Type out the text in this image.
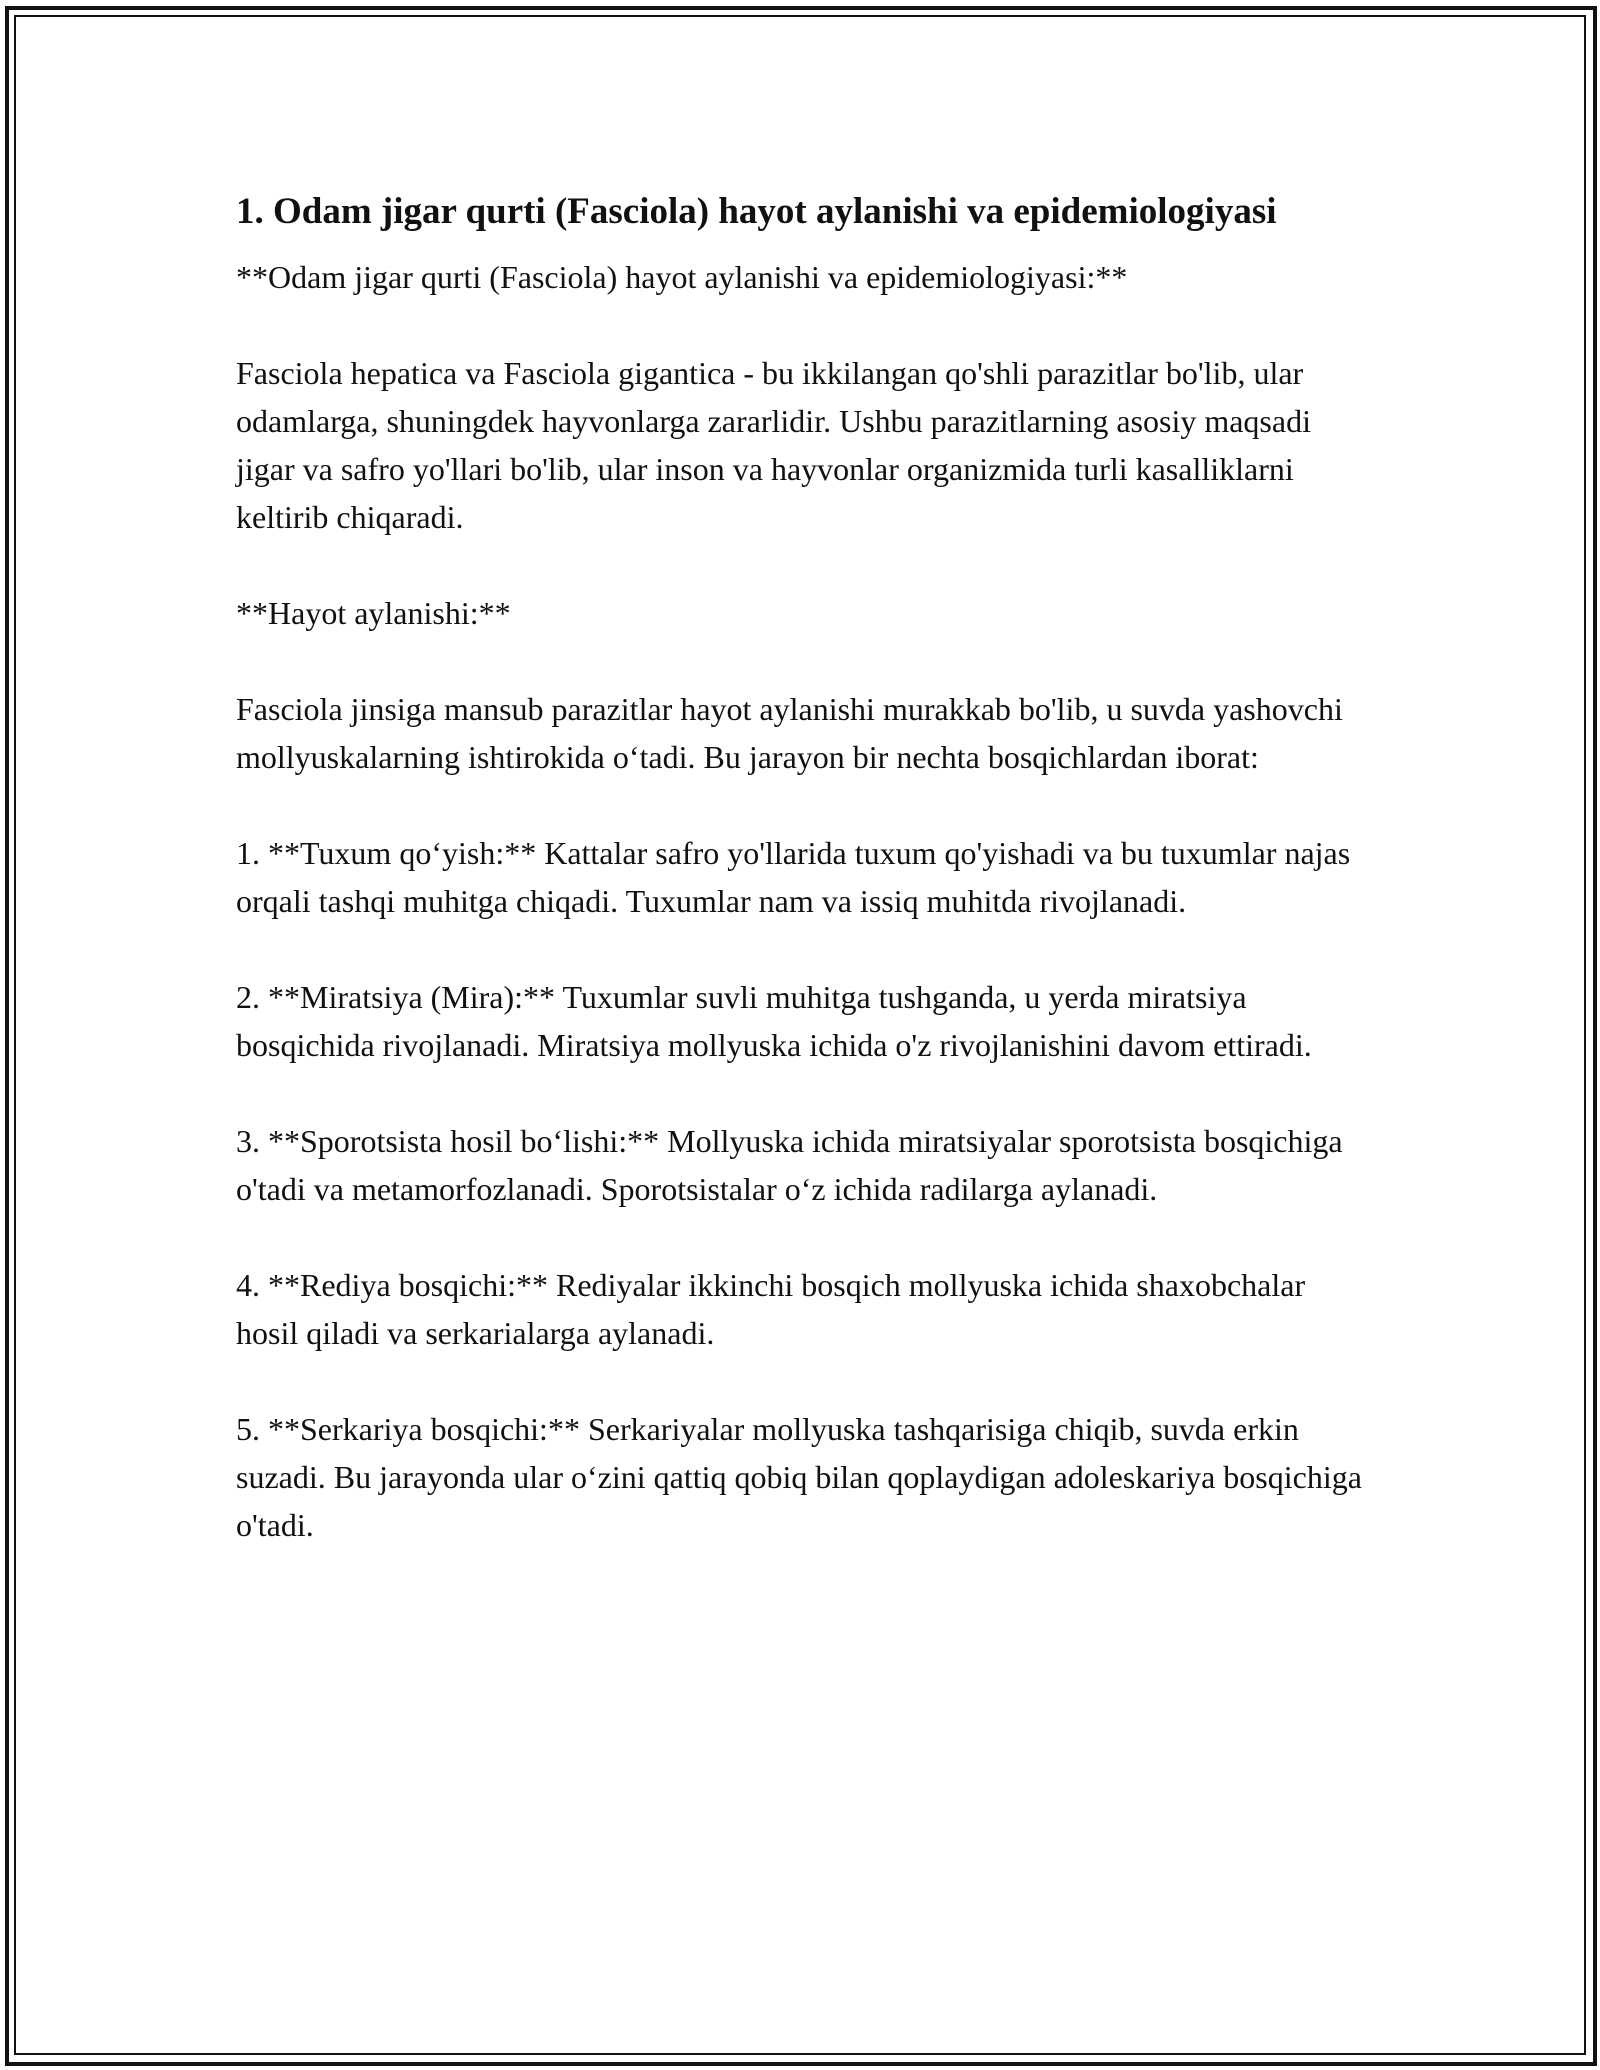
1. Odam jigar qurti (Fasciola) hayot aylanishi va epidemiologiyasi

**Odam jigar qurti (Fasciola) hayot aylanishi va epidemiologiyasi:**

Fasciola hepatica va Fasciola gigantica - bu ikkilangan qo'shli parazitlar bo'lib, ular odamlarga, shuningdek hayvonlarga zararlidir. Ushbu parazitlarning asosiy maqsadi jigar va safro yo'llari bo'lib, ular inson va hayvonlar organizmida turli kasalliklarni keltirib chiqaradi.

**Hayot aylanishi:**

Fasciola jinsiga mansub parazitlar hayot aylanishi murakkab bo'lib, u suvda yashovchi mollyuskalarning ishtirokida o‘tadi. Bu jarayon bir nechta bosqichlardan iborat:

1. **Tuxum qo‘yish:** Kattalar safro yo'llarida tuxum qo'yishadi va bu tuxumlar najas orqali tashqi muhitga chiqadi. Tuxumlar nam va issiq muhitda rivojlanadi.

2. **Miratsiya (Mira):** Tuxumlar suvli muhitga tushganda, u yerda miratsiya bosqichida rivojlanadi. Miratsiya mollyuska ichida o'z rivojlanishini davom ettiradi.

3. **Sporotsista hosil bo‘lishi:** Mollyuska ichida miratsiyalar sporotsista bosqichiga o'tadi va metamorfozlanadi. Sporotsistalar o‘z ichida radilarga aylanadi.

4. **Rediya bosqichi:** Rediyalar ikkinchi bosqich mollyuska ichida shaxobchalar hosil qiladi va serkarialarga aylanadi.

5. **Serkariya bosqichi:** Serkariyalar mollyuska tashqarisiga chiqib, suvda erkin suzadi. Bu jarayonda ular o‘zini qattiq qobiq bilan qoplaydigan adoleskariya bosqichiga o'tadi.
